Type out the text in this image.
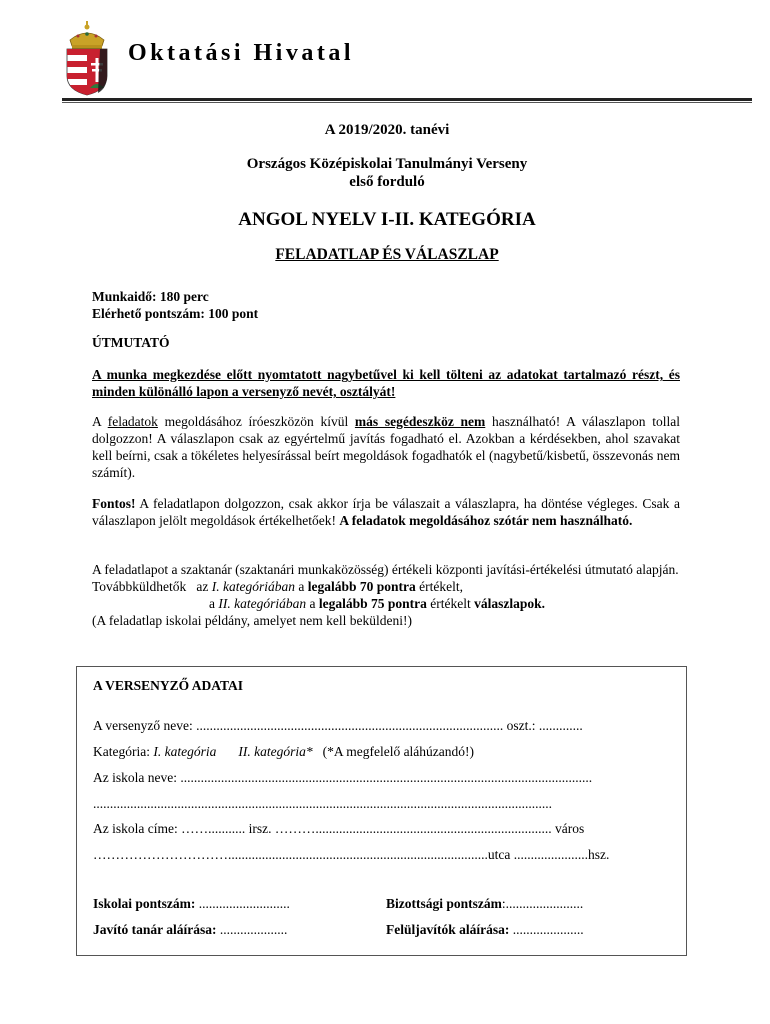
Oktatási Hivatal
A 2019/2020. tanévi
Országos Középiskolai Tanulmányi Verseny
első forduló
ANGOL NYELV I-II. KATEGÓRIA
FELADATLAP ÉS VÁLASZLAP
Munkaidő: 180 perc
Elérhető pontszám: 100 pont
ÚTMUTATÓ
A munka megkezdése előtt nyomtatott nagybetűvel ki kell tölteni az adatokat tartalmazó részt, és minden különálló lapon a versenyző nevét, osztályát!
A feladatok megoldásához íróeszközön kívül más segédeszköz nem használható! A válaszlapon tollal dolgozzon! A válaszlapon csak az egyértelmű javítás fogadható el. Azokban a kérdésekben, ahol szavakat kell beírni, csak a tökéletes helyesírással beírt megoldások fogadhatók el (nagybetű/kisbetű, összevonás nem számít).
Fontos! A feladatlapon dolgozzon, csak akkor írja be válaszait a válaszlapra, ha döntése végleges. Csak a válaszlapon jelölt megoldások értékelhetőek! A feladatok megoldásához szótár nem használható.
A feladatlapot a szaktanár (szaktanári munkaközösség) értékeli központi javítási-értékelési útmutató alapján.
Továbbküldhetők   az I. kategóriában a legalább 70 pontra értékelt,
a II. kategóriában a legalább 75 pontra értékelt válaszlapok.
(A feladatlap iskolai példány, amelyet nem kell beküldeni!)
A VERSENYZŐ ADATAI
A versenyző neve: ........................................................................................... oszt.: .............
Kategória: I. kategória II. kategória* (*A megfelelő aláhúzandó!)
Az iskola neve: ..........................................................................................................................
........................................................................................................................................
Az iskola címe: ……........... irsz. ………...................................................................... város
………………………….............................................................................utca ......................hsz.
Iskolai pontszám: ...........................	Bizottsági pontszám:.......................
Javító tanár aláírása: ....................	Felüljavítók aláírása: .....................
